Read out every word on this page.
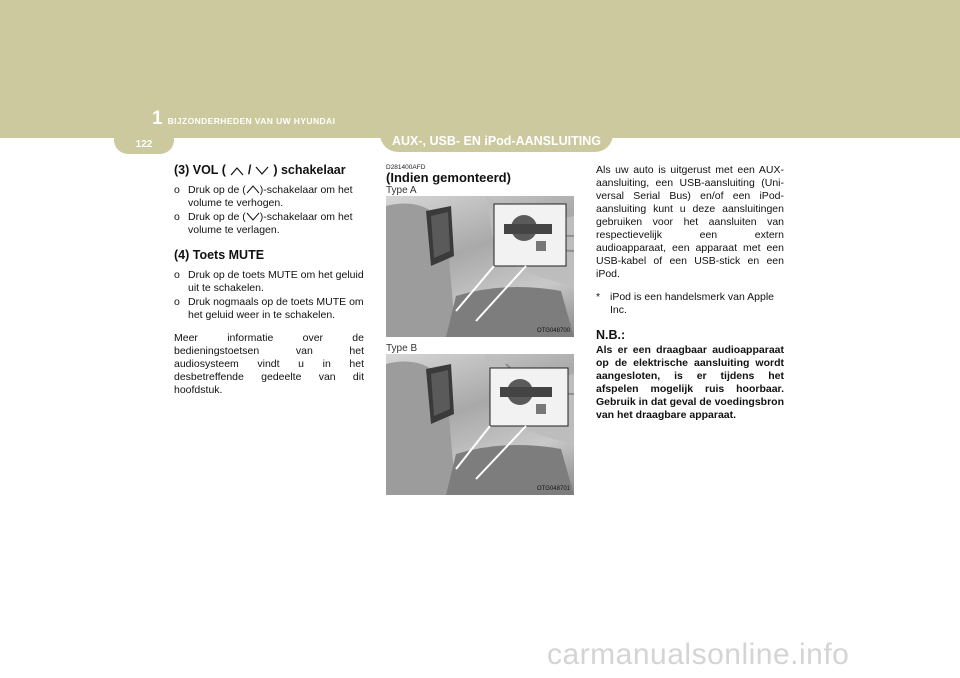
1 BIJZONDERHEDEN VAN UW HYUNDAI
122	AUX-, USB- EN iPod-AANSLUITING
(3) VOL ( / ) schakelaar
o Druk op de ( )-schakelaar om het volume te verhogen.
o Druk op de ( )-schakelaar om het volume te verlagen.
(4) Toets MUTE
o Druk op de toets MUTE om het geluid uit te schakelen.
o Druk nogmaals op de toets MUTE om het geluid weer in te schakelen.
Meer informatie over de bedieningstoetsen van het audiosysteem vindt u in het desbetreffende gedeelte van dit hoofdstuk.
D281400AFD
(Indien gemonteerd)
Type A
OTG048700
Type B
OTG048701
Als uw auto is uitgerust met een AUX-aansluiting, een USB-aansluiting (Uni-versal Serial Bus) en/of een iPod-aansluiting kunt u deze aansluitingen gebruiken voor het aansluiten van respectievelijk een extern audioapparaat, een apparaat met een USB-kabel of een USB-stick en een iPod.
* iPod is een handelsmerk van Apple Inc.
N.B.:
Als er een draagbaar audioapparaat op de elektrische aansluiting wordt aangesloten, is er tijdens het afspelen mogelijk ruis hoorbaar. Gebruik in dat geval de voedingsbron van het draagbare apparaat.
carmanualsonline.info
